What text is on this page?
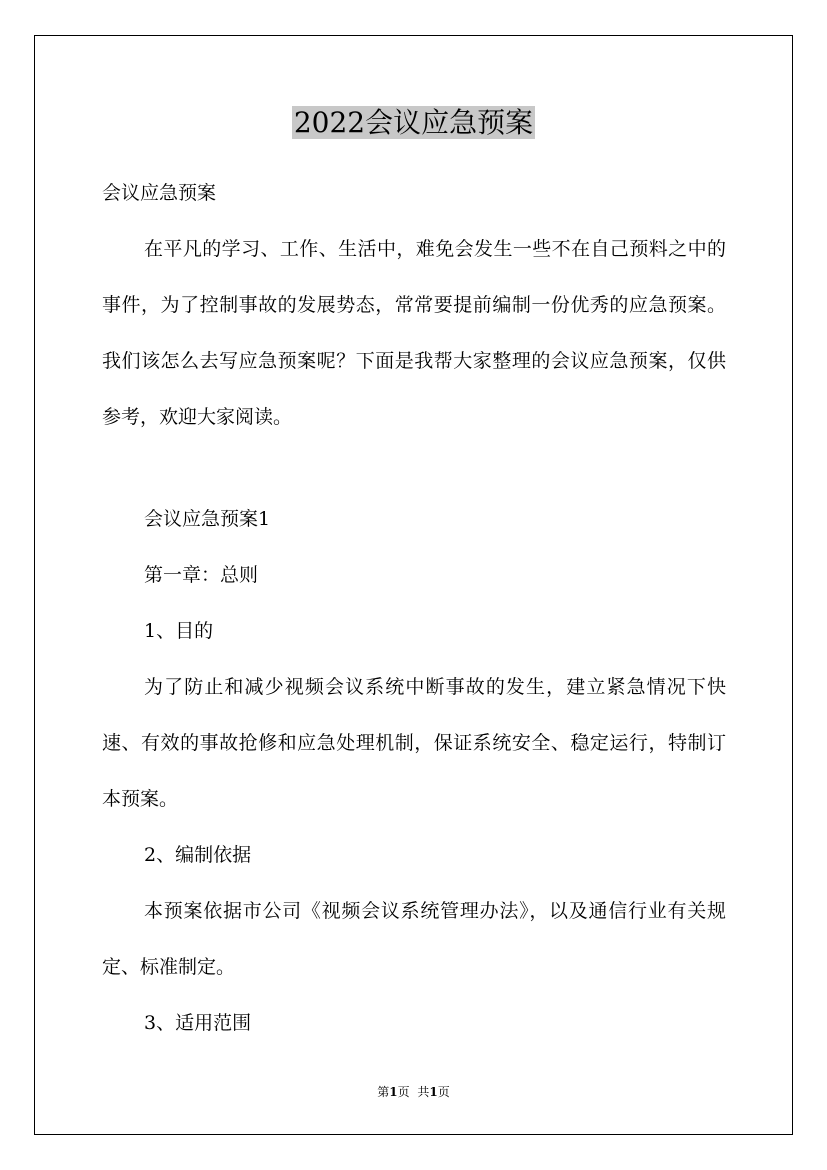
2022会议应急预案

会议应急预案

在平凡的学习、工作、生活中，难免会发生一些不在自己预料之中的事件，为了控制事故的发展势态，常常要提前编制一份优秀的应急预案。我们该怎么去写应急预案呢？下面是我帮大家整理的会议应急预案，仅供参考，欢迎大家阅读。

会议应急预案1

第一章：总则

1、目的

为了防止和减少视频会议系统中断事故的发生，建立紧急情况下快速、有效的事故抢修和应急处理机制，保证系统安全、稳定运行，特制订本预案。

2、编制依据

本预案依据市公司《视频会议系统管理办法》，以及通信行业有关规定、标准制定。

3、适用范围

第1页 共1页
